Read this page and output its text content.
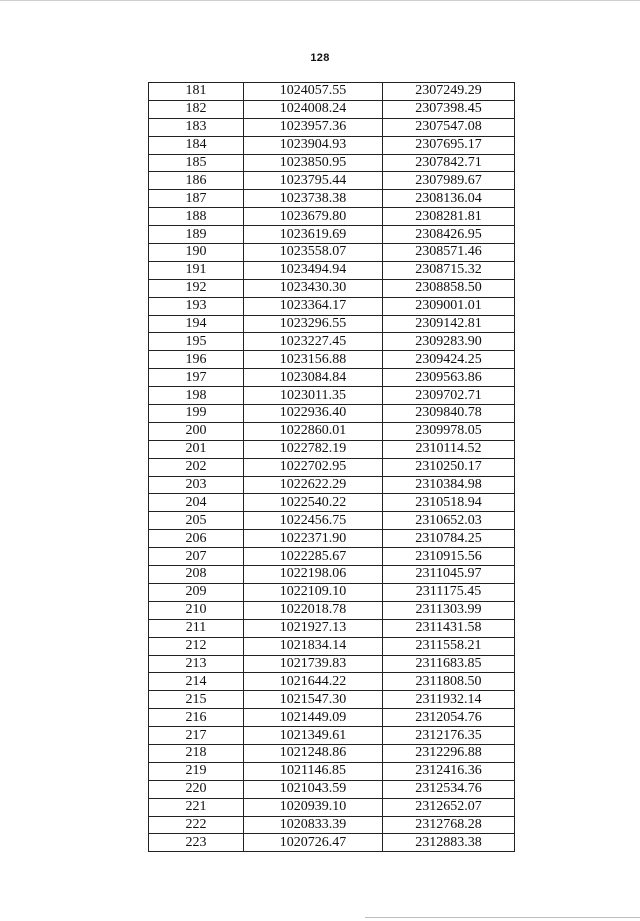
128
181	1024057.55	2307249.29
182	1024008.24	2307398.45
183	1023957.36	2307547.08
184	1023904.93	2307695.17
185	1023850.95	2307842.71
186	1023795.44	2307989.67
187	1023738.38	2308136.04
188	1023679.80	2308281.81
189	1023619.69	2308426.95
190	1023558.07	2308571.46
191	1023494.94	2308715.32
192	1023430.30	2308858.50
193	1023364.17	2309001.01
194	1023296.55	2309142.81
195	1023227.45	2309283.90
196	1023156.88	2309424.25
197	1023084.84	2309563.86
198	1023011.35	2309702.71
199	1022936.40	2309840.78
200	1022860.01	2309978.05
201	1022782.19	2310114.52
202	1022702.95	2310250.17
203	1022622.29	2310384.98
204	1022540.22	2310518.94
205	1022456.75	2310652.03
206	1022371.90	2310784.25
207	1022285.67	2310915.56
208	1022198.06	2311045.97
209	1022109.10	2311175.45
210	1022018.78	2311303.99
211	1021927.13	2311431.58
212	1021834.14	2311558.21
213	1021739.83	2311683.85
214	1021644.22	2311808.50
215	1021547.30	2311932.14
216	1021449.09	2312054.76
217	1021349.61	2312176.35
218	1021248.86	2312296.88
219	1021146.85	2312416.36
220	1021043.59	2312534.76
221	1020939.10	2312652.07
222	1020833.39	2312768.28
223	1020726.47	2312883.38
